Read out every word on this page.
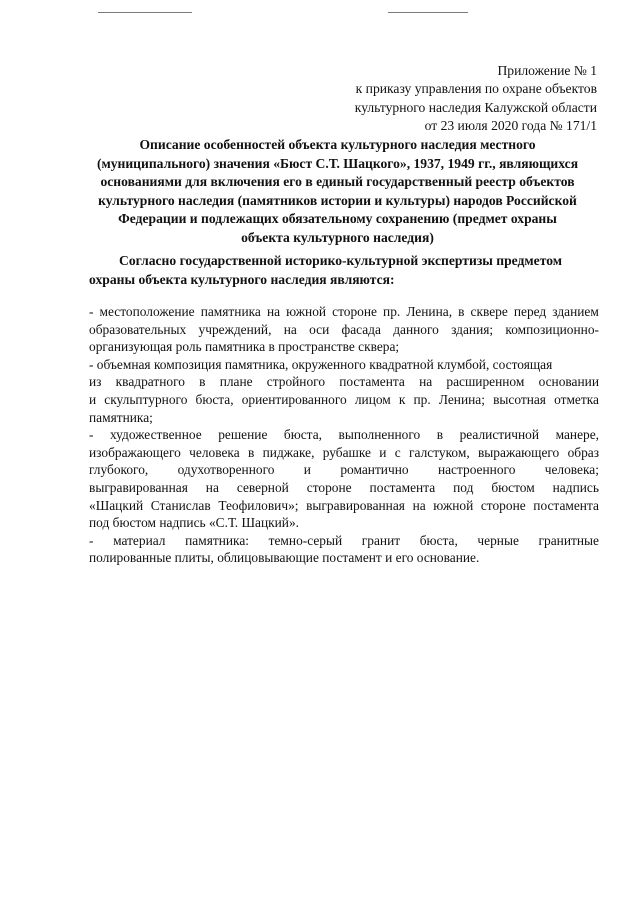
Приложение № 1
к приказу управления по охране объектов
культурного наследия Калужской области
от 23 июля 2020 года № 171/1
Описание особенностей объекта культурного наследия местного
(муниципального) значения «Бюст С.Т. Шацкого», 1937, 1949 гг., являющихся
основаниями для включения его в единый государственный реестр объектов
культурного наследия (памятников истории и культуры) народов Российской
Федерации и подлежащих обязательному сохранению (предмет охраны
объекта культурного наследия)
Согласно государственной историко-культурной экспертизы предметом
охраны объекта культурного наследия являются:
- местоположение памятника на южной стороне пр. Ленина, в сквере перед зданием
образовательных учреждений, на оси фасада данного здания; композиционно-
организующая роль памятника в пространстве сквера;
- объемная композиция памятника, окруженного квадратной клумбой, состоящая
из квадратного в плане стройного постамента на расширенном основании
и скульптурного бюста, ориентированного лицом к пр. Ленина; высотная отметка
памятника;
- художественное решение бюста, выполненного в реалистичной манере,
изображающего человека в пиджаке, рубашке и с галстуком, выражающего образ
глубокого, одухотворенного и романтично настроенного человека;
выгравированная на северной стороне постамента под бюстом надпись
«Шацкий Станислав Теофилович»; выгравированная на южной стороне постамента
под бюстом надпись «С.Т. Шацкий».
- материал памятника: темно-серый гранит бюста, черные гранитные
полированные плиты, облицовывающие постамент и его основание.
